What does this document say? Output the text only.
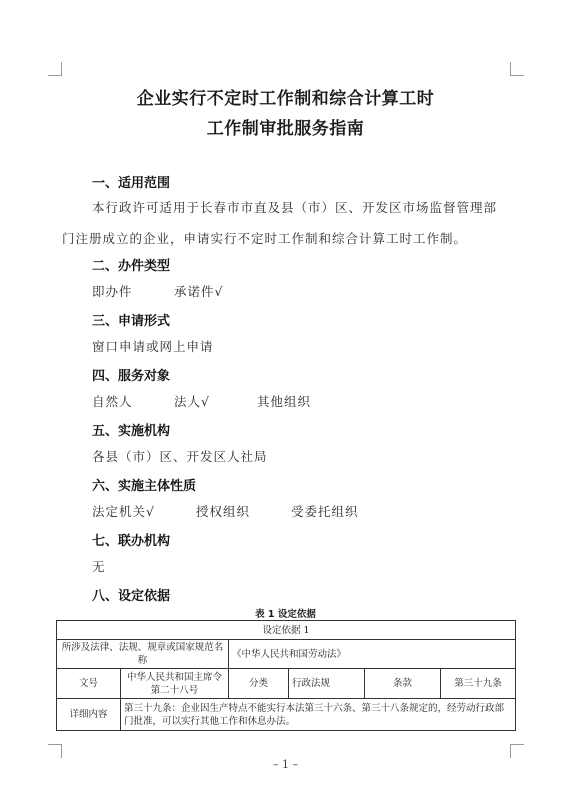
企业实行不定时工作制和综合计算工时
工作制审批服务指南
一、适用范围
本行政许可适用于长春市市直及县（市）区、开发区市场监督管理部
门注册成立的企业，申请实行不定时工作制和综合计算工时工作制。
二、办件类型
即办件	承诺件√
三、申请形式
窗口申请或网上申请
四、服务对象
自然人	法人√	其他组织
五、实施机构
各县（市）区、开发区人社局
六、实施主体性质
法定机关√	授权组织	受委托组织
七、联办机构
无
八、设定依据
表 1 设定依据
设定依据 1					
所涉及法律、法规、规章或国家规范名称		《中华人民共和国劳动法》			
文号	中华人民共和国主席令第二十八号	分类	行政法规	条款	第三十九条
详细内容	第三十九条：企业因生产特点不能实行本法第三十六条、第三十八条规定的，经劳动行政部门批准，可以实行其他工作和休息办法。				
– 1 –
